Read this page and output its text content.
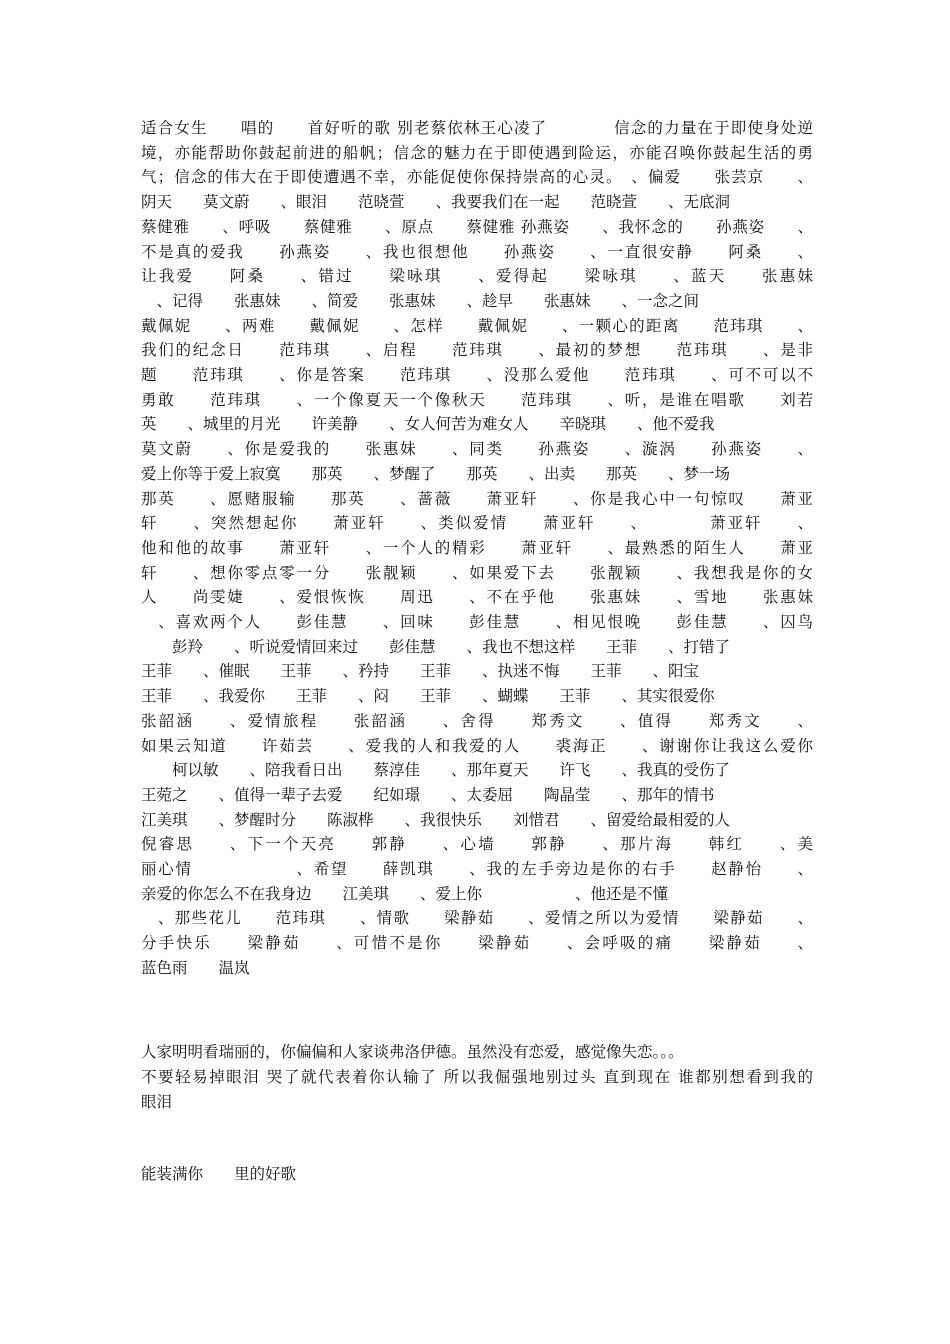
适合女生　　唱的　　首好听的歌 别老蔡依林王心凌了　　　　信念的力量在于即使身处逆
境，亦能帮助你鼓起前进的船帆；信念的魅力在于即使遇到险运，亦能召唤你鼓起生活的勇
气；信念的伟大在于即使遭遇不幸，亦能促使你保持崇高的心灵。　、偏爱　　张芸京　　、
阴天　　莫文蔚　　、眼泪　　范晓萱　　、我要我们在一起　　范晓萱　　、无底洞
蔡健雅　　、呼吸　　蔡健雅　　、原点　　蔡健雅 孙燕姿　　、我怀念的　　孙燕姿　　、
不是真的爱我　　孙燕姿　　、我也很想他　　孙燕姿　　、一直很安静　　阿桑　　、
让我爱　　阿桑　　、错过　　梁咏琪　　、爱得起　　梁咏琪　　、蓝天　　张惠妹
　、记得　　张惠妹　　、简爱　　张惠妹　　、趁早　　张惠妹　　、一念之间
戴佩妮　　、两难　　戴佩妮　　、怎样　　戴佩妮　　、一颗心的距离　　范玮琪　　、
我们的纪念日　　范玮琪　　、启程　　范玮琪　　、最初的梦想　　范玮琪　　、是非
题　　范玮琪　　、你是答案　　范玮琪　　、没那么爱他　　范玮琪　　、可不可以不
勇敢　　范玮琪　　、一个像夏天一个像秋天　　范玮琪　　、听，是谁在唱歌　　刘若
英　　、城里的月光　　许美静　　、女人何苦为难女人　　辛晓琪　　、他不爱我
莫文蔚　　、你是爱我的　　张惠妹　　、同类　　孙燕姿　　、漩涡　　孙燕姿　　、
爱上你等于爱上寂寞　　那英　　、梦醒了　　那英　　、出卖　　那英　　、梦一场
那英　　、愿赌服输　　那英　　、蔷薇　　萧亚轩　　、你是我心中一句惊叹　　萧亚
轩　　、突然想起你　　萧亚轩　　、类似爱情　　萧亚轩　　、　　　　萧亚轩　　、
他和他的故事　　萧亚轩　　、一个人的精彩　　萧亚轩　　、最熟悉的陌生人　　萧亚
轩　　、想你零点零一分　　张靓颖　　、如果爱下去　　张靓颖　　、我想我是你的女
人　　尚雯婕　　、爱恨恢恢　　周迅　　、不在乎他　　张惠妹　　、雪地　　张惠妹
　、喜欢两个人　　彭佳慧　　、回味　　彭佳慧　　、相见恨晚　　彭佳慧　　、囚鸟
　　彭羚　　、听说爱情回来过　　彭佳慧　　、我也不想这样　　王菲　　、打错了
王菲　　、催眠　　王菲　　、矜持　　王菲　　、执迷不悔　　王菲　　、阳宝
王菲　　、我爱你　　王菲　　、闷　　王菲　　、蝴蝶　　王菲　　、其实很爱你
张韶涵　　、爱情旅程　　张韶涵　　、舍得　　郑秀文　　、值得　　郑秀文　　、
如果云知道　　许茹芸　　、爱我的人和我爱的人　　裘海正　　、谢谢你让我这么爱你
　　柯以敏　　、陪我看日出　　蔡淳佳　　、那年夏天　　许飞　　、我真的受伤了
王菀之　　、值得一辈子去爱　　纪如璟　　、太委屈　　陶晶莹　　、那年的情书
江美琪　　、梦醒时分　　陈淑桦　　、我很快乐　　刘惜君　　、留爱给最相爱的人
倪睿思　　、下一个天亮　　郭静　　、心墙　　郭静　　、那片海　　韩红　　、美
丽心情　　　　　　、希望　　薛凯琪　　、我的左手旁边是你的右手　　赵静怡　　、
亲爱的你怎么不在我身边　　江美琪　　、爱上你　　　　　　、他还是不懂
　、那些花儿　　范玮琪　　、情歌　　梁静茹　　、爱情之所以为爱情　　梁静茹　　、
分手快乐　　梁静茹　　、可惜不是你　　梁静茹　　、会呼吸的痛　　梁静茹　　、
蓝色雨　　温岚
人家明明看瑞丽的，你偏偏和人家谈弗洛伊德。虽然没有恋爱，感觉像失恋。。。
不要轻易掉眼泪 哭了就代表着你认输了 所以我倔强地别过头 直到现在 谁都别想看到我的
眼泪
能装满你　　里的好歌
